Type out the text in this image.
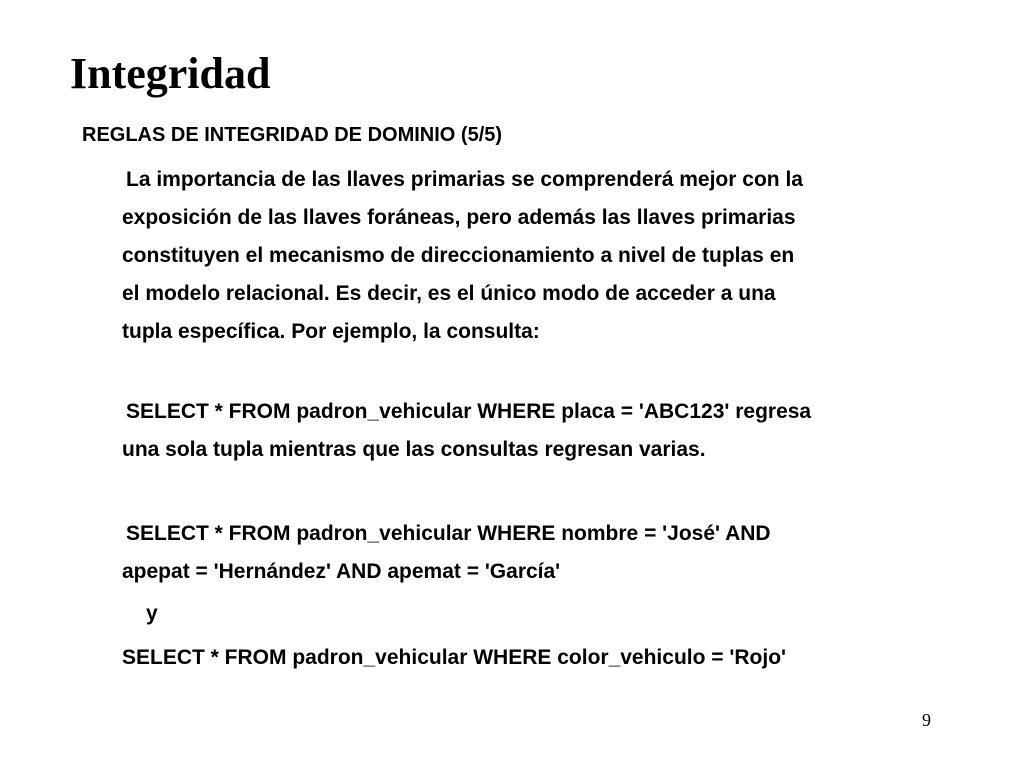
Integridad
REGLAS DE INTEGRIDAD DE DOMINIO (5/5)

La importancia de las llaves primarias se comprenderá mejor con la
exposición de las llaves foráneas, pero además las llaves primarias
constituyen el mecanismo de direccionamiento a nivel de tuplas en
el modelo relacional. Es decir, es el único modo de acceder a una
tupla específica. Por ejemplo, la consulta:

SELECT * FROM padron_vehicular WHERE placa = 'ABC123' regresa
una sola tupla mientras que las consultas regresan varias.

SELECT * FROM padron_vehicular WHERE nombre = 'José' AND
apepat = 'Hernández' AND apemat = 'García'

y

SELECT * FROM padron_vehicular WHERE color_vehiculo = 'Rojo'

9
